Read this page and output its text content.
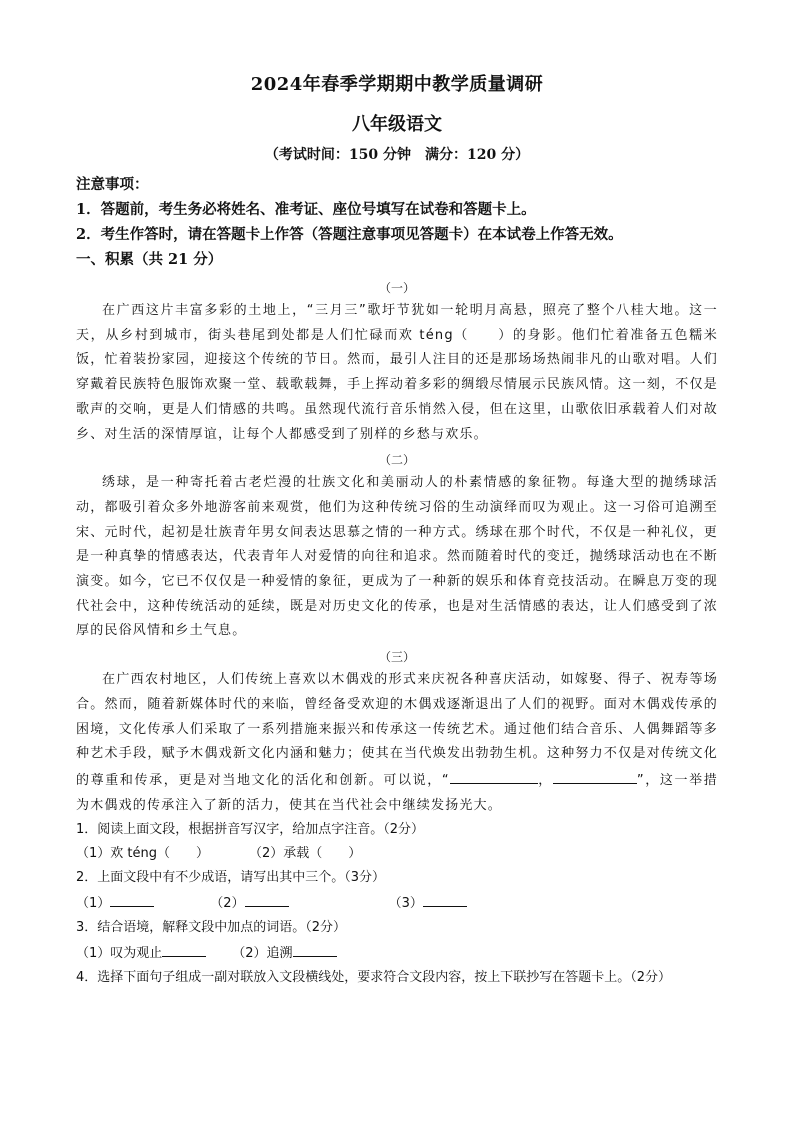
2024年春季学期期中教学质量调研

八年级语文

（考试时间：150 分钟　满分：120 分）

注意事项：

1．答题前，考生务必将姓名、准考证、座位号填写在试卷和答题卡上。

2．考生作答时，请在答题卡上作答（答题注意事项见答题卡）在本试卷上作答无效。

一、积累（共 21 分）

（一）

在广西这片丰富多彩的土地上，“三月三”歌圩节犹如一轮明月高悬，照亮了整个八桂大地。这一天，从乡村到城市，街头巷尾到处都是人们忙碌而欢 téng（　　）的身影。他们忙着准备五色糯米饭，忙着装扮家园，迎接这个传统的节日。然而，最引人注目的还是那场场热闹非凡的山歌对唱。人们穿戴着民族特色服饰欢聚一堂、载歌载舞，手上挥动着多彩的绸缎尽情展示民族风情。这一刻，不仅是歌声的交响，更是人们情感的共鸣。虽然现代流行音乐悄然入侵，但在这里，山歌依旧承载着人们对故乡、对生活的深情厚谊，让每个人都感受到了别样的乡愁与欢乐。

（二）

绣球，是一种寄托着古老烂漫的壮族文化和美丽动人的朴素情感的象征物。每逢大型的抛绣球活动，都吸引着众多外地游客前来观赏，他们为这种传统习俗的生动演绎而叹为观止。这一习俗可追溯至宋、元时代，起初是壮族青年男女间表达思慕之情的一种方式。绣球在那个时代，不仅是一种礼仪，更是一种真挚的情感表达，代表青年人对爱情的向往和追求。然而随着时代的变迁，抛绣球活动也在不断演变。如今，它已不仅仅是一种爱情的象征，更成为了一种新的娱乐和体育竞技活动。在瞬息万变的现代社会中，这种传统活动的延续，既是对历史文化的传承，也是对生活情感的表达，让人们感受到了浓厚的民俗风情和乡土气息。

（三）

在广西农村地区，人们传统上喜欢以木偶戏的形式来庆祝各种喜庆活动，如嫁娶、得子、祝寿等场合。然而，随着新媒体时代的来临，曾经备受欢迎的木偶戏逐渐退出了人们的视野。面对木偶戏传承的困境，文化传承人们采取了一系列措施来振兴和传承这一传统艺术。通过他们结合音乐、人偶舞蹈等多种艺术手段，赋予木偶戏新文化内涵和魅力；使其在当代焕发出勃勃生机。这种努力不仅是对传统文化的尊重和传承，更是对当地文化的活化和创新。可以说，“	，	”，这一举措为木偶戏的传承注入了新的活力，使其在当代社会中继续发扬光大。

1．阅读上面文段，根据拼音写汉字，给加点字注音。（2分）

（1）欢 téng（　　）	（2）承载（　　）

2．上面文段中有不少成语，请写出其中三个。（3分）

（1）	（2）	（3）

3．结合语境，解释文段中加点的词语。（2分）

（1）叹为观止	（2）追溯

4．选择下面句子组成一副对联放入文段横线处，要求符合文段内容，按上下联抄写在答题卡上。（2分）
